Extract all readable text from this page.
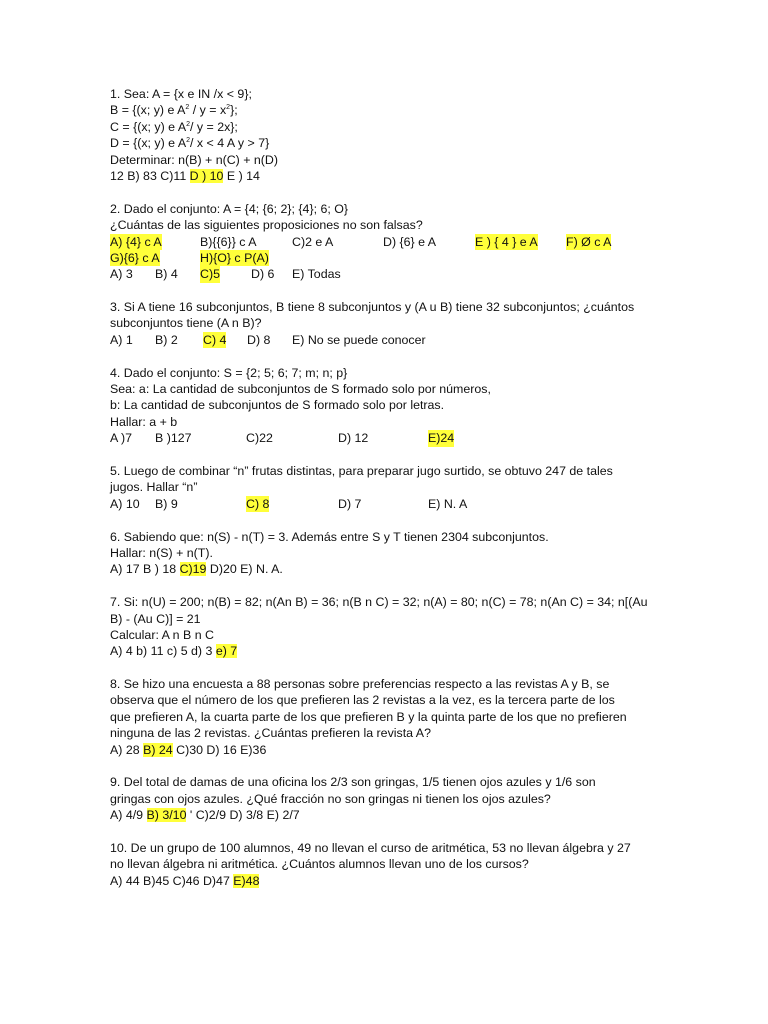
1. Sea: A = {x e IN /x < 9};
B = {(x; y) e $A^2 / y = x^2$};
C = {(x; y) e $A^2/$ y = 2x};
D = {(x; y) e $A^2/$ x < 4 A y > 7}
Determinar: n(B) + n(C) + n(D)
12 B) 83 C)11 D ) 10 E ) 14
2. Dado el conjunto: A = {4; {6; 2}; {4}; 6; O}
¿Cuántas de las siguientes proposiciones no son falsas?
A) {4} c A	B){{6}} c A	C)2 e A	D) {6} e A	E ) { 4 } e A F) Ø c A
G){6} c A	H){O} c P(A)
A) 3 B) 4 C)5	D) 6 E) Todas
3. Si A tiene 16 subconjuntos, B tiene 8 subconjuntos y (A u B) tiene 32 subconjuntos; ¿cuántos
subconjuntos tiene (A n B)?
A) 1 B) 2 C) 4 D) 8 E) No se puede conocer
4. Dado el conjunto: S = {2; 5; 6; 7; m; n; p}
Sea: a: La cantidad de subconjuntos de S formado solo por números,
b: La cantidad de subconjuntos de S formado solo por letras.
Hallar: a + b
A )7 B )127	C)22	D) 12	E)24
5. Luego de combinar “n” frutas distintas, para preparar jugo surtido, se obtuvo 247 de tales
jugos. Hallar “n”
A) 10 B) 9	C) 8	D) 7	E) N. A
6. Sabiendo que: n(S) - n(T) = 3. Además entre S y T tienen 2304 subconjuntos.
Hallar: n(S) + n(T).
A) 17 B ) 18 C)19 D)20 E) N. A.
7. Si: n(U) = 200; n(B) = 82; n(An B) = 36; n(B n C) = 32; n(A) = 80; n(C) = 78; n(An C) = 34; n[(Au
B) - (Au C)] = 21
Calcular: A n B n C
A) 4 b) 11 c) 5 d) 3 e) 7
8. Se hizo una encuesta a 88 personas sobre preferencias respecto a las revistas A y B, se
observa que el número de los que prefieren las 2 revistas a la vez, es la tercera parte de los
que prefieren A, la cuarta parte de los que prefieren B y la quinta parte de los que no prefieren
ninguna de las 2 revistas. ¿Cuántas prefieren la revista A?
A) 28 B) 24 C)30 D) 16 E)36
9. Del total de damas de una oficina los 2/3 son gringas, 1/5 tienen ojos azules y 1/6 son
gringas con ojos azules. ¿Qué fracción no son gringas ni tienen los ojos azules?
A) 4/9 B) 3/10 ' C)2/9 D) 3/8 E) 2/7
10. De un grupo de 100 alumnos, 49 no llevan el curso de aritmética, 53 no llevan álgebra y 27
no llevan álgebra ni aritmética. ¿Cuántos alumnos llevan uno de los cursos?
A) 44 B)45 C)46 D)47 E)48
